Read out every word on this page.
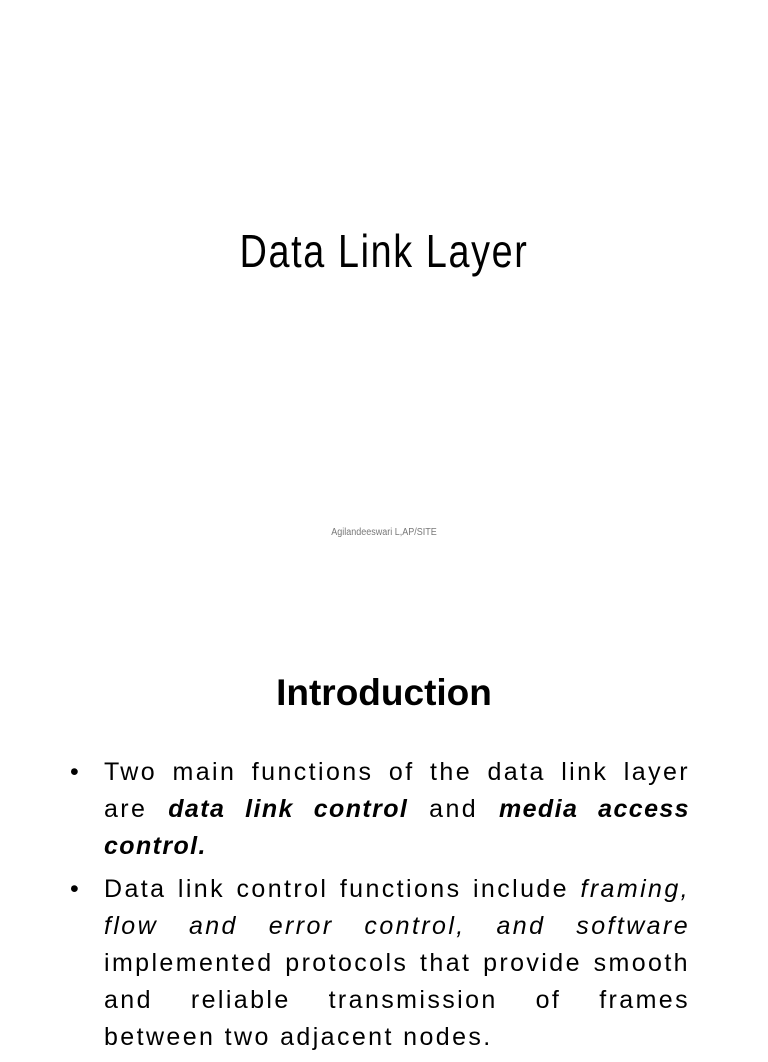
Data Link Layer
Agilandeeswari L,AP/SITE
Introduction
• Two main functions of the data link layer are data link control and media access control.
• Data link control functions include framing, flow and error control, and software implemented protocols that provide smooth and reliable transmission of frames between two adjacent nodes.
